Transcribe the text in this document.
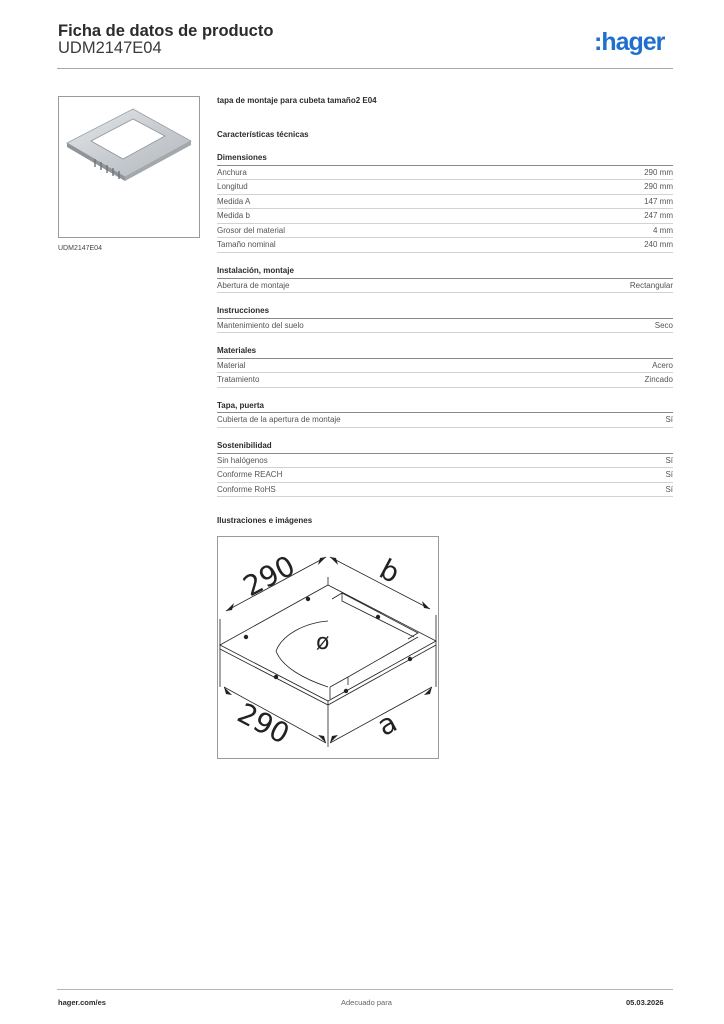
Ficha de datos de producto
UDM2147E04	:hager
UDM2147E04
tapa de montaje para cubeta tamaño2 E04
Características técnicas
Dimensiones
Anchura	290 mm
Longitud	290 mm
Medida A	147 mm
Medida b	247 mm
Grosor del material	4 mm
Tamaño nominal	240 mm
Instalación, montaje
Abertura de montaje	Rectangular
Instrucciones
Mantenimiento del suelo	Seco
Materiales
Material	Acero
Tratamiento	Zincado
Tapa, puerta
Cubierta de la apertura de montaje	Sí
Sostenibilidad
Sin halógenos	Sí
Conforme REACH	Sí
Conforme RoHS	Sí
Ilustraciones e imágenes
290	b
290	a
ø
hager.com/es	Adecuado para	05.03.2026
